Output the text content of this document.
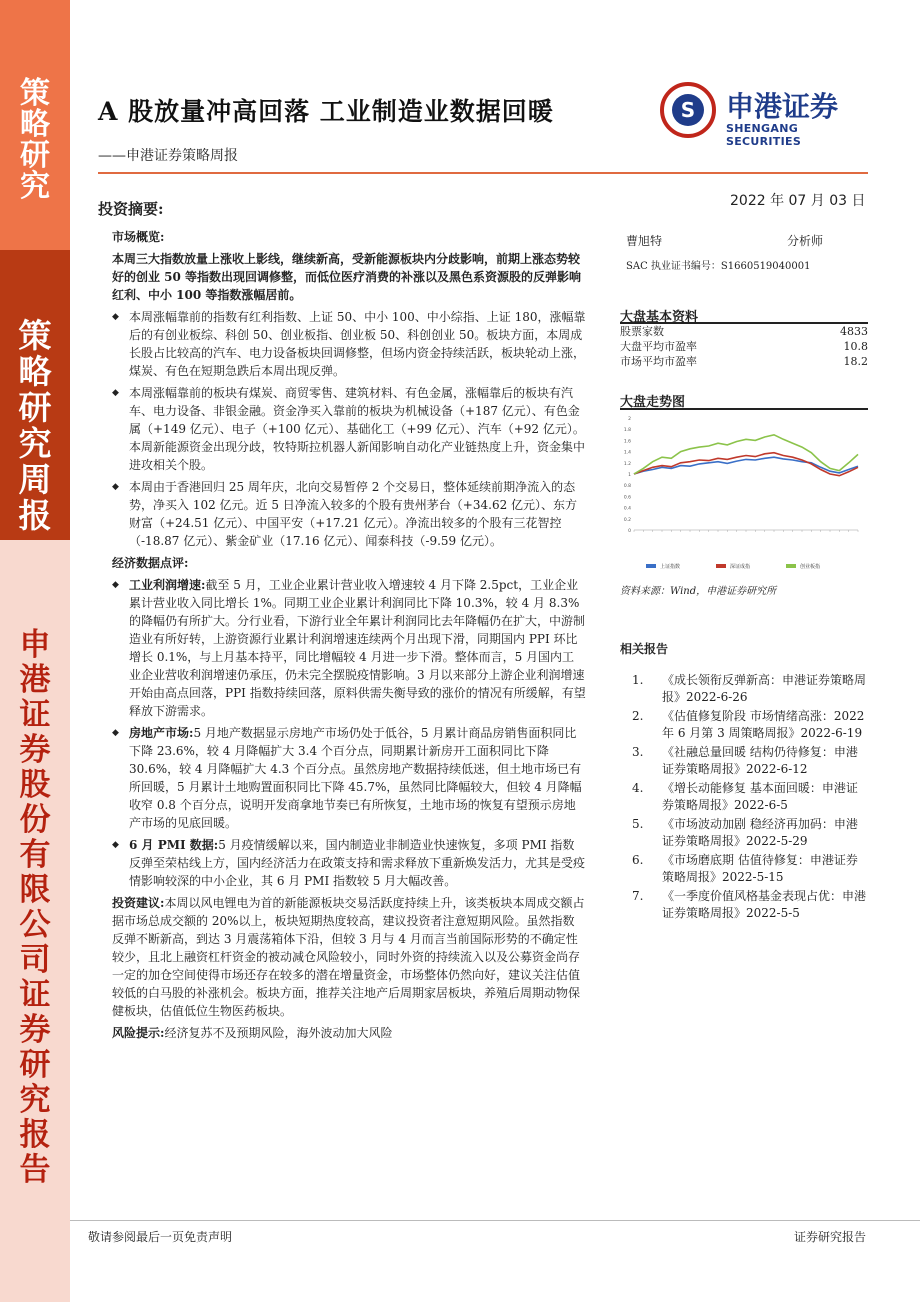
策
略
研
究
策
略
研
究
周
报
申
港
证
券
股
份
有
限
公
司
证
券
研
究
报
告
A 股放量冲高回落 工业制造业数据回暖
——申港证券策略周报
S	申港证券
SHENGANG SECURITIES
投资摘要:	2022 年 07 月 03 日

市场概览:

本周三大指数放量上涨收上影线，继续新高，受新能源板块内分歧影响，前期上涨态势较好的创业 50 等指数出现回调修整，而低位医疗消费的补涨以及黑色系资源股的反弹影响红利、中小 100 等指数涨幅居前。

◆ 本周涨幅靠前的指数有红利指数、上证 50、中小 100、中小综指、上证 180，涨幅靠后的有创业板综、科创 50、创业板指、创业板 50、科创创业 50。板块方面，本周成长股占比较高的汽车、电力设备板块回调修整，但场内资金持续活跃，板块轮动上涨，煤炭、有色在短期急跌后本周出现反弹。
◆ 本周涨幅靠前的板块有煤炭、商贸零售、建筑材料、有色金属，涨幅靠后的板块有汽车、电力设备、非银金融。资金净买入靠前的板块为机械设备（+187 亿元）、有色金属（+149 亿元）、电子（+100 亿元）、基础化工（+99 亿元）、汽车（+92 亿元）。本周新能源资金出现分歧，牧特斯拉机器人新闻影响自动化产业链热度上升，资金集中进攻相关个股。
◆ 本周由于香港回归 25 周年庆，北向交易暂停 2 个交易日，整体延续前期净流入的态势，净买入 102 亿元。近 5 日净流入较多的个股有贵州茅台（+34.62 亿元）、东方财富（+24.51 亿元）、中国平安（+17.21 亿元）。净流出较多的个股有三花智控（-18.87 亿元）、紫金矿业（17.16 亿元）、闻泰科技（-9.59 亿元）。

经济数据点评:

◆ 工业利润增速:截至 5 月，工业企业累计营业收入增速较 4 月下降 2.5pct，工业企业累计营业收入同比增长 1%。同期工业企业累计利润同比下降 10.3%，较 4 月 8.3% 的降幅仍有所扩大。分行业看，下游行业全年累计利润同比去年降幅仍在扩大，中游制造业有所好转，上游资源行业累计利润增速连续两个月出现下滑，同期国内 PPI 环比增长 0.1%，与上月基本持平，同比增幅较 4 月进一步下滑。整体而言，5 月国内工业企业营收利润增速仍承压，仍未完全摆脱疫情影响。3 月以来部分上游企业利润增速开始由高点回落，PPI 指数持续回落，原料供需失衡导致的涨价的情况有所缓解，有望释放下游需求。
◆ 房地产市场:5 月地产数据显示房地产市场仍处于低谷，5 月累计商品房销售面积同比下降 23.6%，较 4 月降幅扩大 3.4 个百分点，同期累计新房开工面积同比下降 30.6%，较 4 月降幅扩大 4.3 个百分点。虽然房地产数据持续低迷，但土地市场已有所回暖，5 月累计土地购置面积同比下降 45.7%，虽然同比降幅较大，但较 4 月降幅收窄 0.8 个百分点，说明开发商拿地节奏已有所恢复，土地市场的恢复有望预示房地产市场的见底回暖。
◆ 6 月 PMI 数据:5 月疫情缓解以来，国内制造业非制造业快速恢复，多项 PMI 指数反弹至荣枯线上方，国内经济活力在政策支持和需求释放下重新焕发活力，尤其是受疫情影响较深的中小企业，其 6 月 PMI 指数较 5 月大幅改善。

投资建议:本周以风电锂电为首的新能源板块交易活跃度持续上升，该类板块本周成交额占据市场总成交额的 20%以上，板块短期热度较高，建议投资者注意短期风险。虽然指数反弹不断新高，到达 3 月震荡箱体下沿，但较 3 月与 4 月而言当前国际形势的不确定性较少，且北上融资杠杆资金的被动减仓风险较小，同时外资的持续流入以及公募资金尚存一定的加仓空间使得市场还存在较多的潜在增量资金，市场整体仍然向好，建议关注估值较低的白马股的补涨机会。板块方面，推荐关注地产后周期家居板块，养殖后周期动物保健板块，估值低位生物医药板块。

风险提示:经济复苏不及预期风险，海外波动加大风险

曹旭特	分析师
SAC 执业证书编号：S1660519040001
大盘基本资料
股票家数	4833
大盘平均市盈率	10.8
市场平均市盈率	18.2
大盘走势图
0
0.2
0.4
0.6
0.8
1
1.2
1.4
1.6
1.8
2
上证指数	深证成指	创业板指
资料来源：Wind，申港证券研究所
相关报告
1.	《成长领衔反弹新高：申港证券策略周报》2022-6-26
2.	《估值修复阶段 市场情绪高涨：2022 年 6 月第 3 周策略周报》2022-6-19
3.	《社融总量回暖 结构仍待修复：申港证券策略周报》2022-6-12
4.	《增长动能修复 基本面回暖：申港证券策略周报》2022-6-5
5.	《市场波动加剧 稳经济再加码：申港证券策略周报》2022-5-29
6.	《市场磨底期 估值待修复：申港证券策略周报》2022-5-15
7.	《一季度价值风格基金表现占优：申港证券策略周报》2022-5-5
敬请参阅最后一页免责声明	证券研究报告
